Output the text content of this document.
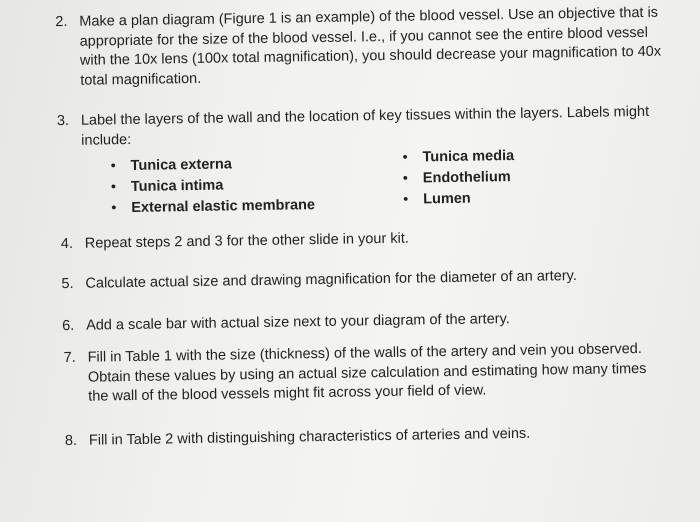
2. Make a plan diagram (Figure 1 is an example) of the blood vessel. Use an objective that is
appropriate for the size of the blood vessel. I.e., if you cannot see the entire blood vessel
with the 10x lens (100x total magnification), you should decrease your magnification to 40x
total magnification.
3. Label the layers of the wall and the location of key tissues within the layers. Labels might
include:
• Tunica externa
• Tunica intima
• External elastic membrane
• Tunica media
• Endothelium
• Lumen
4. Repeat steps 2 and 3 for the other slide in your kit.
5. Calculate actual size and drawing magnification for the diameter of an artery.
6. Add a scale bar with actual size next to your diagram of the artery.
7. Fill in Table 1 with the size (thickness) of the walls of the artery and vein you observed.
Obtain these values by using an actual size calculation and estimating how many times
the wall of the blood vessels might fit across your field of view.
8. Fill in Table 2 with distinguishing characteristics of arteries and veins.
